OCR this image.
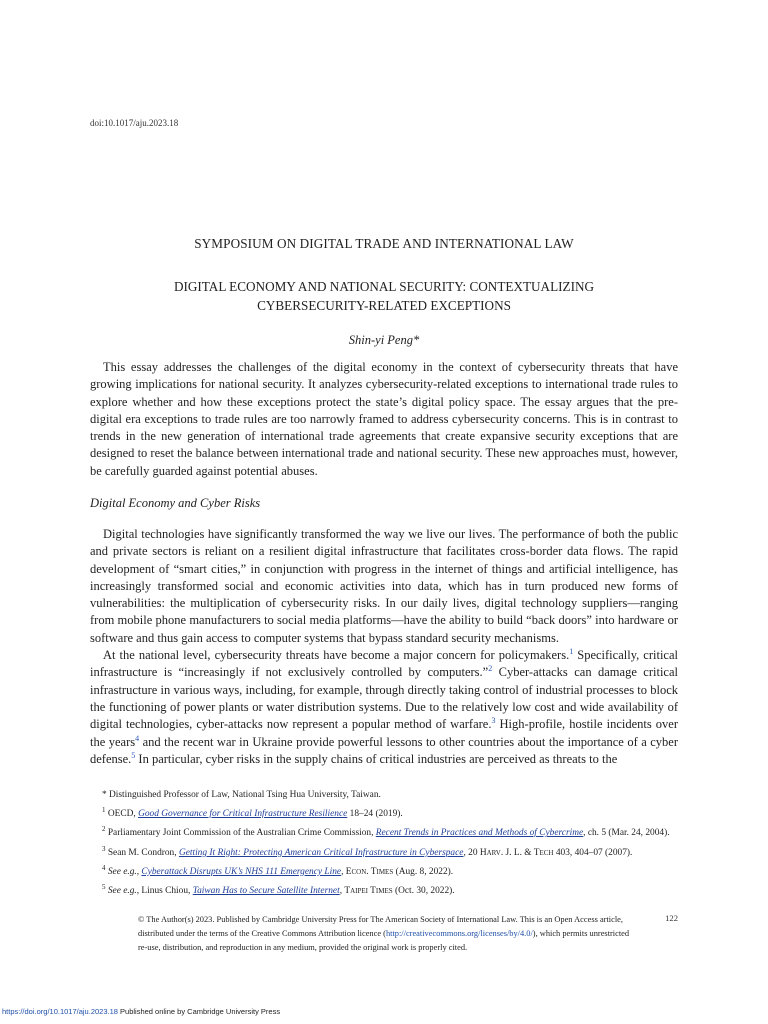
doi:10.1017/aju.2023.18
SYMPOSIUM ON DIGITAL TRADE AND INTERNATIONAL LAW
DIGITAL ECONOMY AND NATIONAL SECURITY: CONTEXTUALIZING
CYBERSECURITY-RELATED EXCEPTIONS
Shin-yi Peng*

This essay addresses the challenges of the digital economy in the context of cybersecurity threats that have growing implications for national security. It analyzes cybersecurity-related exceptions to international trade rules to explore whether and how these exceptions protect the state’s digital policy space. The essay argues that the pre-digital era exceptions to trade rules are too narrowly framed to address cybersecurity concerns. This is in contrast to trends in the new generation of international trade agreements that create expansive security exceptions that are designed to reset the balance between international trade and national security. These new approaches must, however, be carefully guarded against potential abuses.

Digital Economy and Cyber Risks

Digital technologies have significantly transformed the way we live our lives. The performance of both the public and private sectors is reliant on a resilient digital infrastructure that facilitates cross-border data flows. The rapid development of “smart cities,” in conjunction with progress in the internet of things and artificial intelligence, has increasingly transformed social and economic activities into data, which has in turn produced new forms of vulnerabilities: the multiplication of cybersecurity risks. In our daily lives, digital technology suppliers—ranging from mobile phone manufacturers to social media platforms—have the ability to build “back doors” into hardware or software and thus gain access to computer systems that bypass standard security mechanisms.

At the national level, cybersecurity threats have become a major concern for policymakers.$^1$ Specifically, critical infrastructure is “increasingly if not exclusively controlled by computers.”$^2$ Cyber-attacks can damage critical infrastructure in various ways, including, for example, through directly taking control of industrial processes to block the functioning of power plants or water distribution systems. Due to the relatively low cost and wide availability of digital technologies, cyber-attacks now represent a popular method of warfare.$^3$ High-profile, hostile incidents over the years$^4$ and the recent war in Ukraine provide powerful lessons to other countries about the importance of a cyber defense.$^5$ In particular, cyber risks in the supply chains of critical industries are perceived as threats to the

* Distinguished Professor of Law, National Tsing Hua University, Taiwan.
$^1$ OECD, Good Governance for Critical Infrastructure Resilience 18–24 (2019).
$^2$ Parliamentary Joint Commission of the Australian Crime Commission, Recent Trends in Practices and Methods of Cybercrime, ch. 5 (Mar. 24, 2004).
$^3$ Sean M. Condron, Getting It Right: Protecting American Critical Infrastructure in Cyberspace, 20 Harv. J. L. & Tech 403, 404–07 (2007).
$^4$ See e.g., Cyberattack Disrupts UK’s NHS 111 Emergency Line, Econ. Times (Aug. 8, 2022).
$^5$ See e.g., Linus Chiou, Taiwan Has to Secure Satellite Internet, Taipei Times (Oct. 30, 2022).
© The Author(s) 2023. Published by Cambridge University Press for The American Society of International Law. This is an Open Access article, distributed under the terms of the Creative Commons Attribution licence (http://creativecommons.org/licenses/by/4.0/), which permits unrestricted re-use, distribution, and reproduction in any medium, provided the original work is properly cited.
122
https://doi.org/10.1017/aju.2023.18 Published online by Cambridge University Press
